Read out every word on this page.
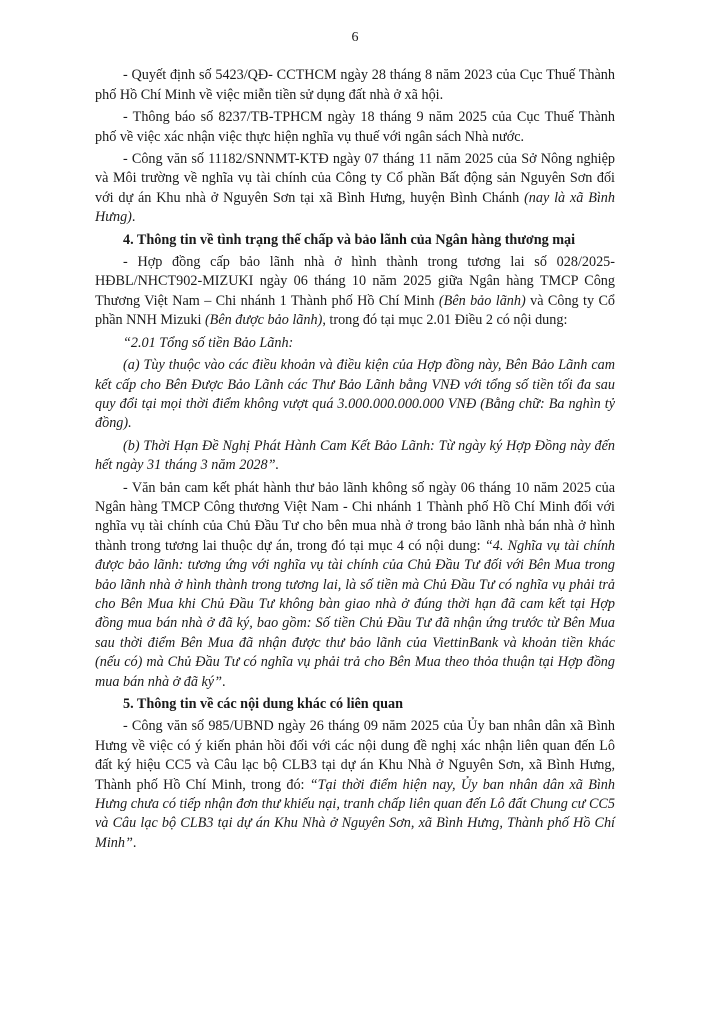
6

- Quyết định số 5423/QĐ- CCTHCM ngày 28 tháng 8 năm 2023 của Cục Thuế Thành phố Hồ Chí Minh về việc miễn tiền sử dụng đất nhà ở xã hội.

- Thông báo số 8237/TB-TPHCM ngày 18 tháng 9 năm 2025 của Cục Thuế Thành phố về việc xác nhận việc thực hiện nghĩa vụ thuế với ngân sách Nhà nước.

- Công văn số 11182/SNNMT-KTĐ ngày 07 tháng 11 năm 2025 của Sở Nông nghiệp và Môi trường về nghĩa vụ tài chính của Công ty Cổ phần Bất động sản Nguyên Sơn đối với dự án Khu nhà ở Nguyên Sơn tại xã Bình Hưng, huyện Bình Chánh (nay là xã Bình Hưng).

4. Thông tin về tình trạng thế chấp và bảo lãnh của Ngân hàng thương mại

- Hợp đồng cấp bảo lãnh nhà ở hình thành trong tương lai số 028/2025-HĐBL/NHCT902-MIZUKI ngày 06 tháng 10 năm 2025 giữa Ngân hàng TMCP Công Thương Việt Nam – Chi nhánh 1 Thành phố Hồ Chí Minh (Bên bảo lãnh) và Công ty Cổ phần NNH Mizuki (Bên được bảo lãnh), trong đó tại mục 2.01 Điều 2 có nội dung:

“2.01 Tổng số tiền Bảo Lãnh:

(a) Tùy thuộc vào các điều khoản và điều kiện của Hợp đồng này, Bên Bảo Lãnh cam kết cấp cho Bên Được Bảo Lãnh các Thư Bảo Lãnh bằng VNĐ với tổng số tiền tối đa sau quy đổi tại mọi thời điểm không vượt quá 3.000.000.000.000 VNĐ (Bằng chữ: Ba nghìn tỷ đồng).

(b) Thời Hạn Đề Nghị Phát Hành Cam Kết Bảo Lãnh: Từ ngày ký Hợp Đồng này đến hết ngày 31 tháng 3 năm 2028”.

- Văn bản cam kết phát hành thư bảo lãnh không số ngày 06 tháng 10 năm 2025 của Ngân hàng TMCP Công thương Việt Nam - Chi nhánh 1 Thành phố Hồ Chí Minh đối với nghĩa vụ tài chính của Chủ Đầu Tư cho bên mua nhà ở trong bảo lãnh nhà bán nhà ở hình thành trong tương lai thuộc dự án, trong đó tại mục 4 có nội dung: “4. Nghĩa vụ tài chính được bảo lãnh: tương ứng với nghĩa vụ tài chính của Chủ Đầu Tư đối với Bên Mua trong bảo lãnh nhà ở hình thành trong tương lai, là số tiền mà Chủ Đầu Tư có nghĩa vụ phải trả cho Bên Mua khi Chủ Đầu Tư không bàn giao nhà ở đúng thời hạn đã cam kết tại Hợp đồng mua bán nhà ở đã ký, bao gồm: Số tiền Chủ Đầu Tư đã nhận ứng trước từ Bên Mua sau thời điểm Bên Mua đã nhận được thư bảo lãnh của ViettinBank và khoản tiền khác (nếu có) mà Chủ Đầu Tư có nghĩa vụ phải trả cho Bên Mua theo thỏa thuận tại Hợp đồng mua bán nhà ở đã ký”.

5. Thông tin về các nội dung khác có liên quan

- Công văn số 985/UBND ngày 26 tháng 09 năm 2025 của Ủy ban nhân dân xã Bình Hưng về việc có ý kiến phản hồi đối với các nội dung đề nghị xác nhận liên quan đến Lô đất ký hiệu CC5 và Câu lạc bộ CLB3 tại dự án Khu Nhà ở Nguyên Sơn, xã Bình Hưng, Thành phố Hồ Chí Minh, trong đó: “Tại thời điểm hiện nay, Ủy ban nhân dân xã Bình Hưng chưa có tiếp nhận đơn thư khiếu nại, tranh chấp liên quan đến Lô đất Chung cư CC5 và Câu lạc bộ CLB3 tại dự án Khu Nhà ở Nguyên Sơn, xã Bình Hưng, Thành phố Hồ Chí Minh”.
